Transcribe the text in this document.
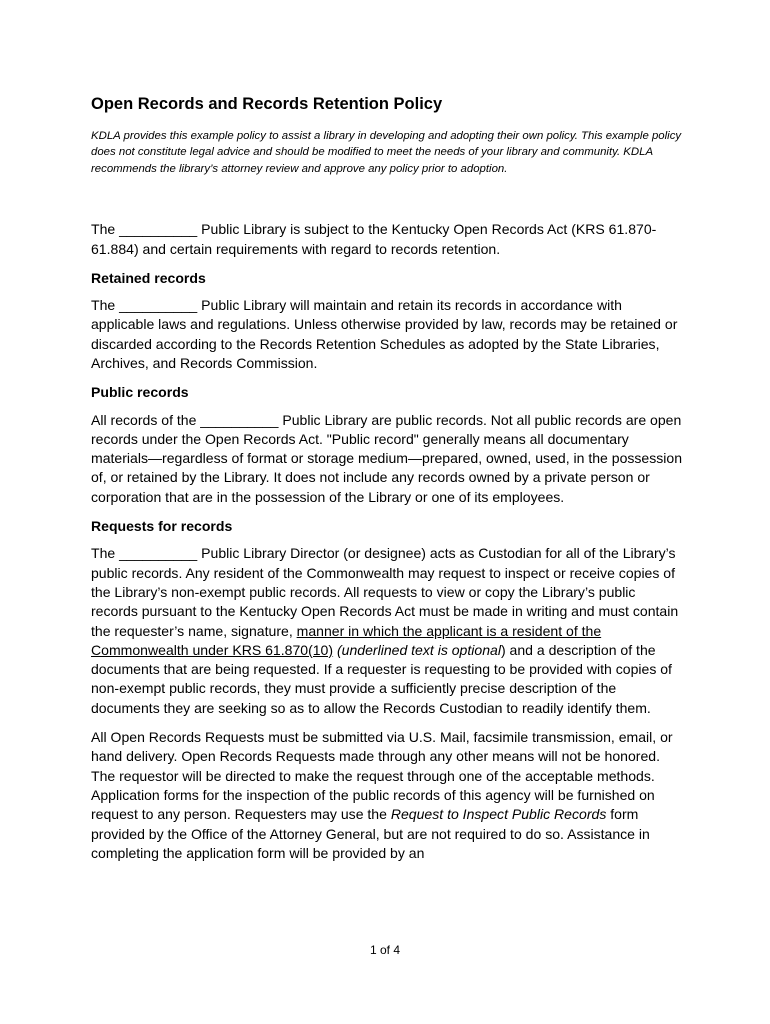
Open Records and Records Retention Policy

KDLA provides this example policy to assist a library in developing and adopting their own policy. This example policy does not constitute legal advice and should be modified to meet the needs of your library and community. KDLA recommends the library’s attorney review and approve any policy prior to adoption.

The __________ Public Library is subject to the Kentucky Open Records Act (KRS 61.870-61.884) and certain requirements with regard to records retention.

Retained records

The __________ Public Library will maintain and retain its records in accordance with applicable laws and regulations. Unless otherwise provided by law, records may be retained or discarded according to the Records Retention Schedules as adopted by the State Libraries, Archives, and Records Commission.

Public records

All records of the __________ Public Library are public records. Not all public records are open records under the Open Records Act. "Public record" generally means all documentary materials—regardless of format or storage medium—prepared, owned, used, in the possession of, or retained by the Library. It does not include any records owned by a private person or corporation that are in the possession of the Library or one of its employees.

Requests for records

The __________ Public Library Director (or designee) acts as Custodian for all of the Library’s public records. Any resident of the Commonwealth may request to inspect or receive copies of the Library’s non-exempt public records. All requests to view or copy the Library’s public records pursuant to the Kentucky Open Records Act must be made in writing and must contain the requester’s name, signature, manner in which the applicant is a resident of the Commonwealth under KRS 61.870(10) (underlined text is optional) and a description of the documents that are being requested. If a requester is requesting to be provided with copies of non-exempt public records, they must provide a sufficiently precise description of the documents they are seeking so as to allow the Records Custodian to readily identify them.

All Open Records Requests must be submitted via U.S. Mail, facsimile transmission, email, or hand delivery. Open Records Requests made through any other means will not be honored. The requestor will be directed to make the request through one of the acceptable methods. Application forms for the inspection of the public records of this agency will be furnished on request to any person. Requesters may use the Request to Inspect Public Records form provided by the Office of the Attorney General, but are not required to do so. Assistance in completing the application form will be provided by an

1 of 4
